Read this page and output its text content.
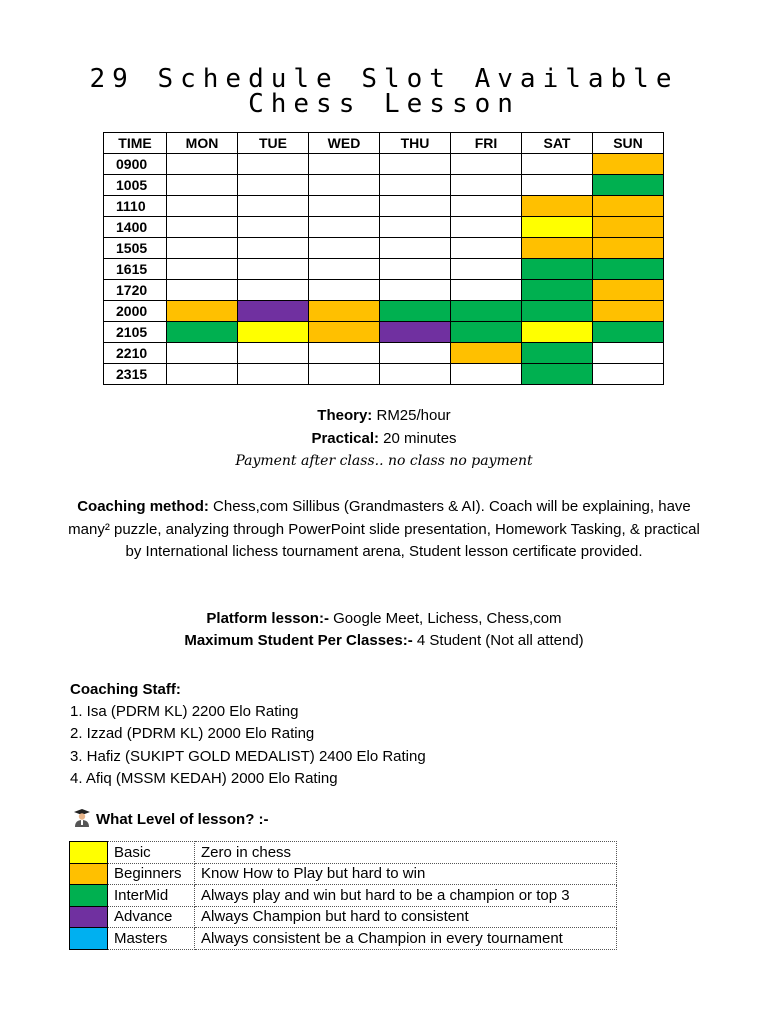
29 Schedule Slot Available
Chess Lesson
TIME	MON	TUE	WED	THU	FRI	SAT	SUN
0900							
1005							
1110							
1400							
1505							
1615							
1720							
2000							
2105							
2210							
2315							
Theory: RM25/hour
Practical: 20 minutes
Payment after class.. no class no payment
Coaching method: Chess,com Sillibus (Grandmasters & AI). Coach will be explaining, have many² puzzle, analyzing through PowerPoint slide presentation, Homework Tasking, & practical by International lichess tournament arena, Student lesson certificate provided.
Platform lesson:- Google Meet, Lichess, Chess,com
Maximum Student Per Classes:- 4 Student (Not all attend)
Coaching Staff:
1. Isa (PDRM KL) 2200 Elo Rating
2. Izzad (PDRM KL) 2000 Elo Rating
3. Hafiz (SUKIPT GOLD MEDALIST) 2400 Elo Rating
4. Afiq (MSSM KEDAH) 2000 Elo Rating
What Level of lesson? :-
	Basic	Zero in chess
	Beginners	Know How to Play but hard to win
	InterMid	Always play and win but hard to be a champion or top 3
	Advance	Always Champion but hard to consistent
	Masters	Always consistent be a Champion in every tournament
